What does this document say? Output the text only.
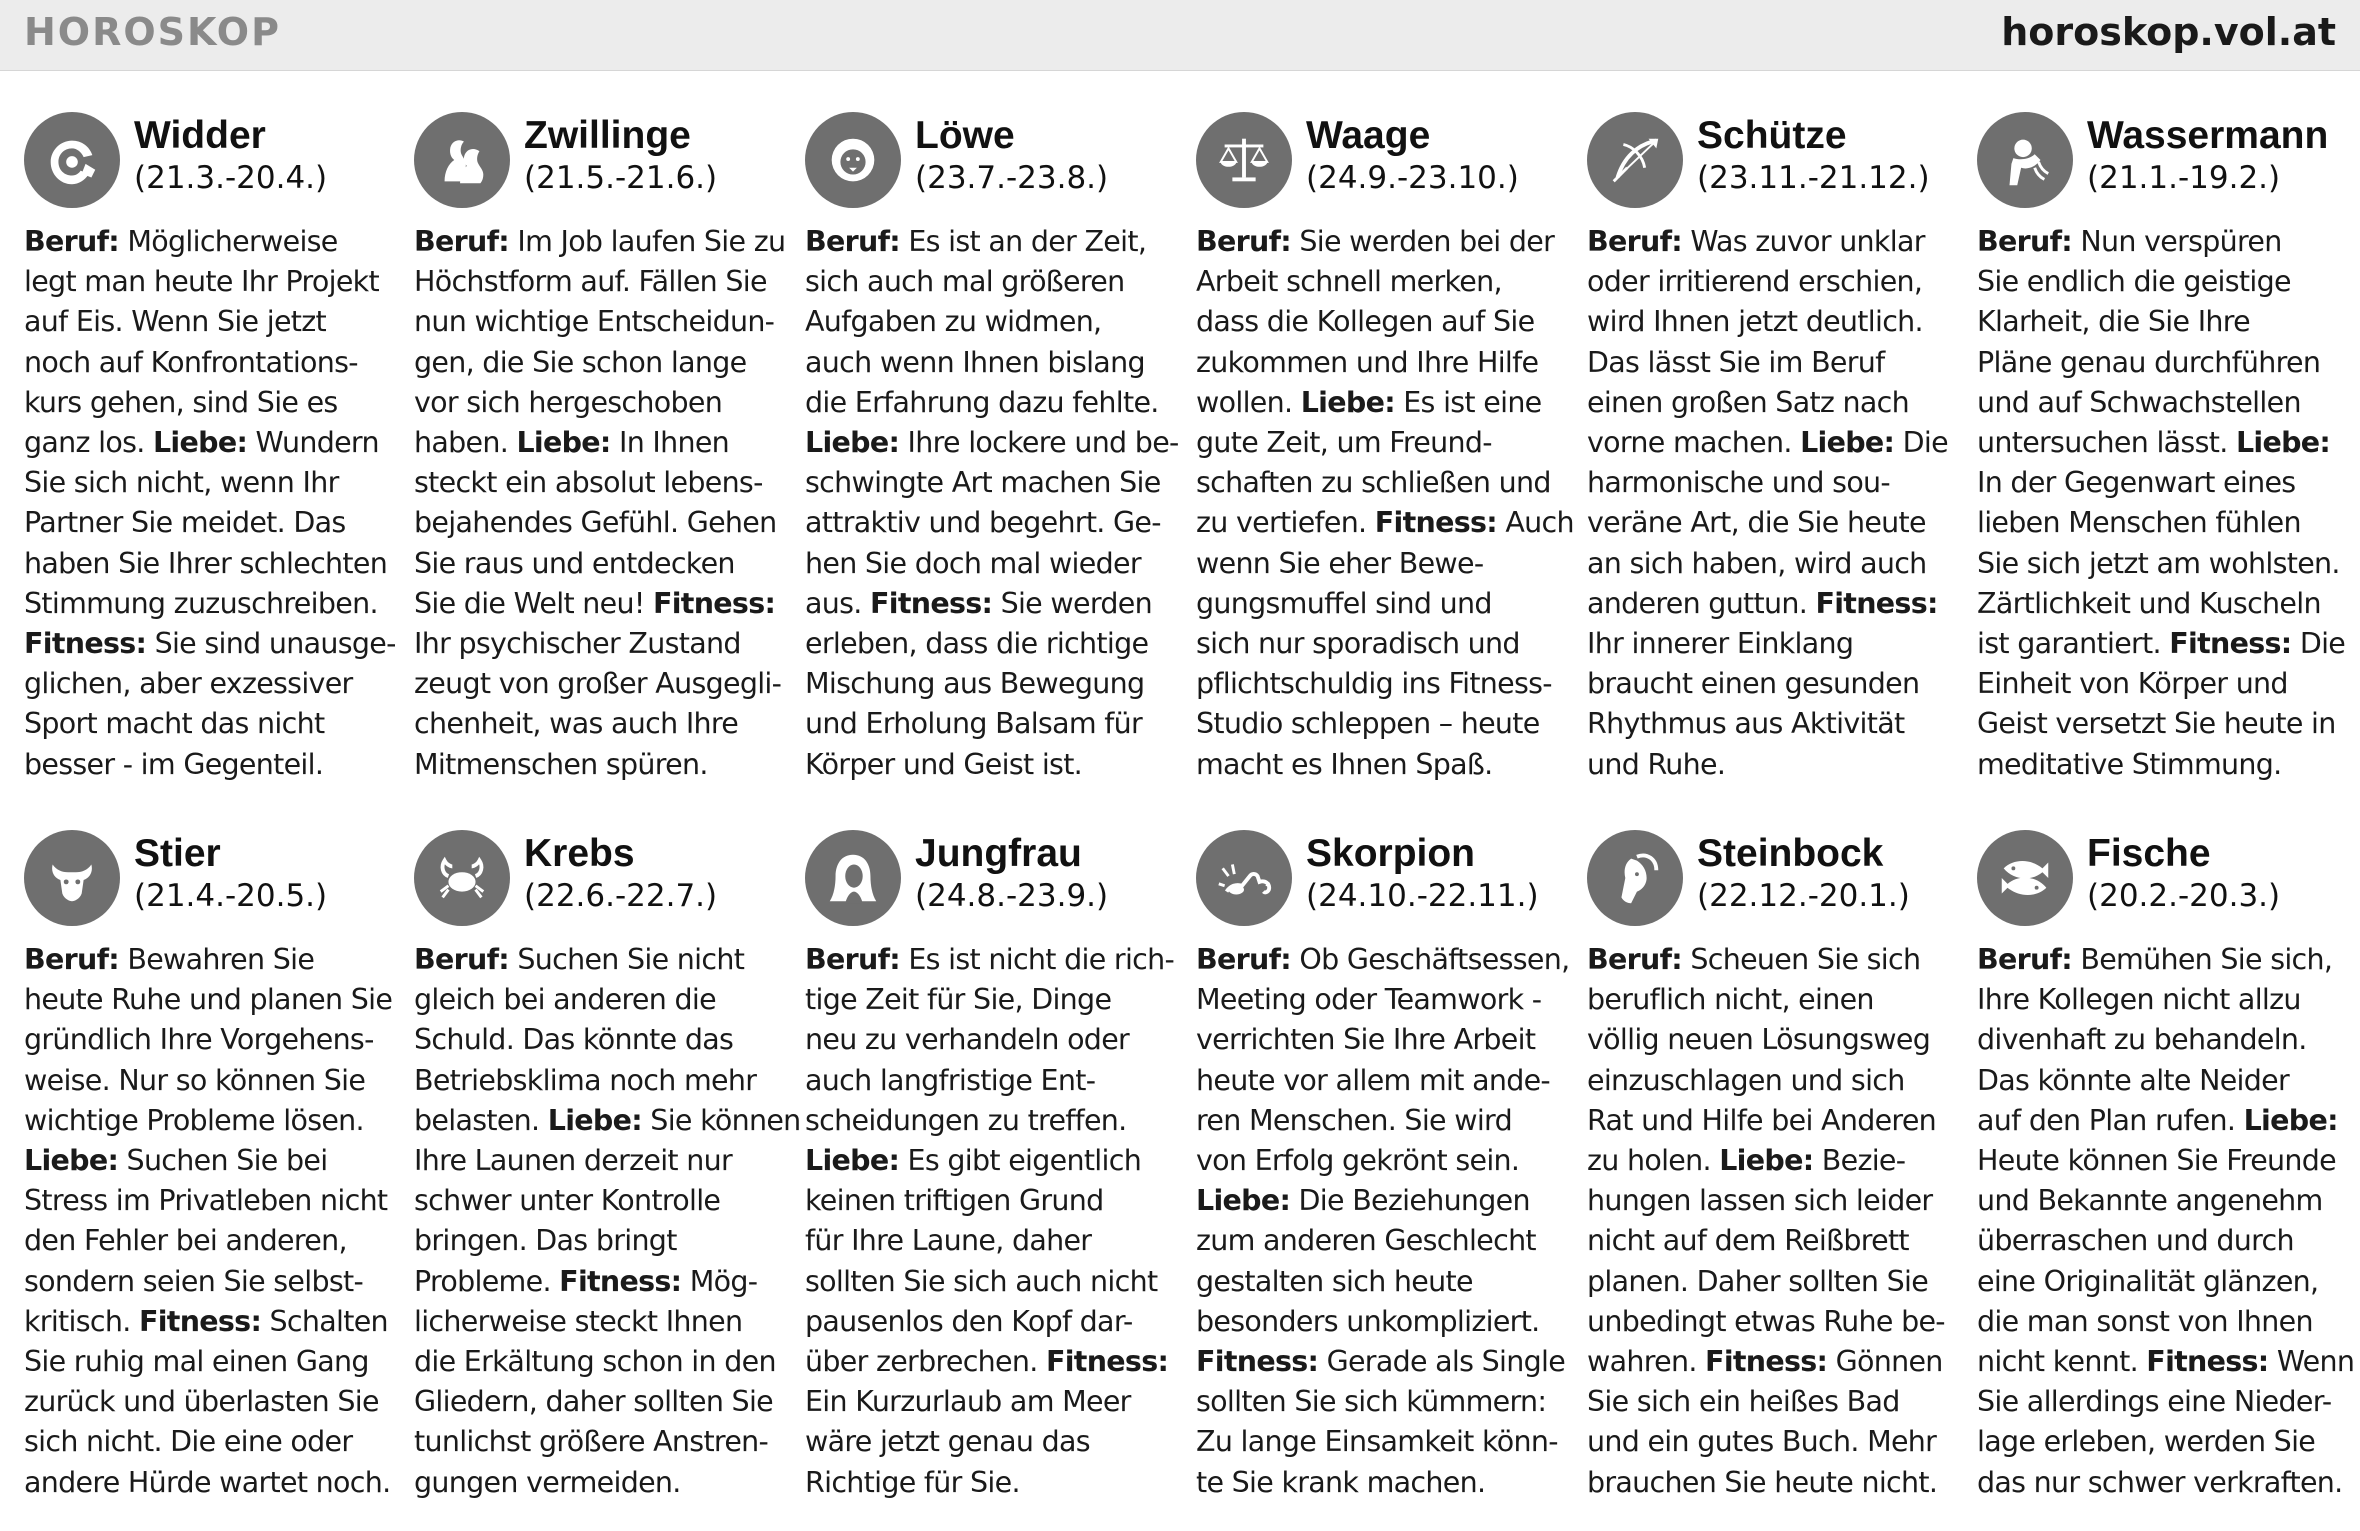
HOROSKOP	horoskop.vol.at
Widder
(21.3.-20.4.)

Beruf: Möglicherweise
legt man heute Ihr Projekt
auf Eis. Wenn Sie jetzt
noch auf Konfrontations-
kurs gehen, sind Sie es
ganz los. Liebe: Wundern
Sie sich nicht, wenn Ihr
Partner Sie meidet. Das
haben Sie Ihrer schlechten
Stimmung zuzuschreiben.
Fitness: Sie sind unausge-
glichen, aber exzessiver
Sport macht das nicht
besser - im Gegenteil.

Zwillinge
(21.5.-21.6.)

Beruf: Im Job laufen Sie zu
Höchstform auf. Fällen Sie
nun wichtige Entscheidun-
gen, die Sie schon lange
vor sich hergeschoben
haben. Liebe: In Ihnen
steckt ein absolut lebens-
bejahendes Gefühl. Gehen
Sie raus und entdecken
Sie die Welt neu! Fitness:
Ihr psychischer Zustand
zeugt von großer Ausgegli-
chenheit, was auch Ihre
Mitmenschen spüren.

Löwe
(23.7.-23.8.)

Beruf: Es ist an der Zeit,
sich auch mal größeren
Aufgaben zu widmen,
auch wenn Ihnen bislang
die Erfahrung dazu fehlte.
Liebe: Ihre lockere und be-
schwingte Art machen Sie
attraktiv und begehrt. Ge-
hen Sie doch mal wieder
aus. Fitness: Sie werden
erleben, dass die richtige
Mischung aus Bewegung
und Erholung Balsam für
Körper und Geist ist.

Waage
(24.9.-23.10.)

Beruf: Sie werden bei der
Arbeit schnell merken,
dass die Kollegen auf Sie
zukommen und Ihre Hilfe
wollen. Liebe: Es ist eine
gute Zeit, um Freund-
schaften zu schließen und
zu vertiefen. Fitness: Auch
wenn Sie eher Bewe-
gungsmuffel sind und
sich nur sporadisch und
pflichtschuldig ins Fitness-
Studio schleppen – heute
macht es Ihnen Spaß.

Schütze
(23.11.-21.12.)

Beruf: Was zuvor unklar
oder irritierend erschien,
wird Ihnen jetzt deutlich.
Das lässt Sie im Beruf
einen großen Satz nach
vorne machen. Liebe: Die
harmonische und sou-
veräne Art, die Sie heute
an sich haben, wird auch
anderen guttun. Fitness:
Ihr innerer Einklang
braucht einen gesunden
Rhythmus aus Aktivität
und Ruhe.

Wassermann
(21.1.-19.2.)

Beruf: Nun verspüren
Sie endlich die geistige
Klarheit, die Sie Ihre
Pläne genau durchführen
und auf Schwachstellen
untersuchen lässt. Liebe:
In der Gegenwart eines
lieben Menschen fühlen
Sie sich jetzt am wohlsten.
Zärtlichkeit und Kuscheln
ist garantiert. Fitness: Die
Einheit von Körper und
Geist versetzt Sie heute in
meditative Stimmung.

Stier
(21.4.-20.5.)

Beruf: Bewahren Sie
heute Ruhe und planen Sie
gründlich Ihre Vorgehens-
weise. Nur so können Sie
wichtige Probleme lösen.
Liebe: Suchen Sie bei
Stress im Privatleben nicht
den Fehler bei anderen,
sondern seien Sie selbst-
kritisch. Fitness: Schalten
Sie ruhig mal einen Gang
zurück und überlasten Sie
sich nicht. Die eine oder
andere Hürde wartet noch.

Krebs
(22.6.-22.7.)

Beruf: Suchen Sie nicht
gleich bei anderen die
Schuld. Das könnte das
Betriebsklima noch mehr
belasten. Liebe: Sie können
Ihre Launen derzeit nur
schwer unter Kontrolle
bringen. Das bringt
Probleme. Fitness: Mög-
licherweise steckt Ihnen
die Erkältung schon in den
Gliedern, daher sollten Sie
tunlichst größere Anstren-
gungen vermeiden.

Jungfrau
(24.8.-23.9.)

Beruf: Es ist nicht die rich-
tige Zeit für Sie, Dinge
neu zu verhandeln oder
auch langfristige Ent-
scheidungen zu treffen.
Liebe: Es gibt eigentlich
keinen triftigen Grund
für Ihre Laune, daher
sollten Sie sich auch nicht
pausenlos den Kopf dar-
über zerbrechen. Fitness:
Ein Kurzurlaub am Meer
wäre jetzt genau das
Richtige für Sie.

Skorpion
(24.10.-22.11.)

Beruf: Ob Geschäftsessen,
Meeting oder Teamwork -
verrichten Sie Ihre Arbeit
heute vor allem mit ande-
ren Menschen. Sie wird
von Erfolg gekrönt sein.
Liebe: Die Beziehungen
zum anderen Geschlecht
gestalten sich heute
besonders unkompliziert.
Fitness: Gerade als Single
sollten Sie sich kümmern:
Zu lange Einsamkeit könn-
te Sie krank machen.

Steinbock
(22.12.-20.1.)

Beruf: Scheuen Sie sich
beruflich nicht, einen
völlig neuen Lösungsweg
einzuschlagen und sich
Rat und Hilfe bei Anderen
zu holen. Liebe: Bezie-
hungen lassen sich leider
nicht auf dem Reißbrett
planen. Daher sollten Sie
unbedingt etwas Ruhe be-
wahren. Fitness: Gönnen
Sie sich ein heißes Bad
und ein gutes Buch. Mehr
brauchen Sie heute nicht.

Fische
(20.2.-20.3.)

Beruf: Bemühen Sie sich,
Ihre Kollegen nicht allzu
divenhaft zu behandeln.
Das könnte alte Neider
auf den Plan rufen. Liebe:
Heute können Sie Freunde
und Bekannte angenehm
überraschen und durch
eine Originalität glänzen,
die man sonst von Ihnen
nicht kennt. Fitness: Wenn
Sie allerdings eine Nieder-
lage erleben, werden Sie
das nur schwer verkraften.
